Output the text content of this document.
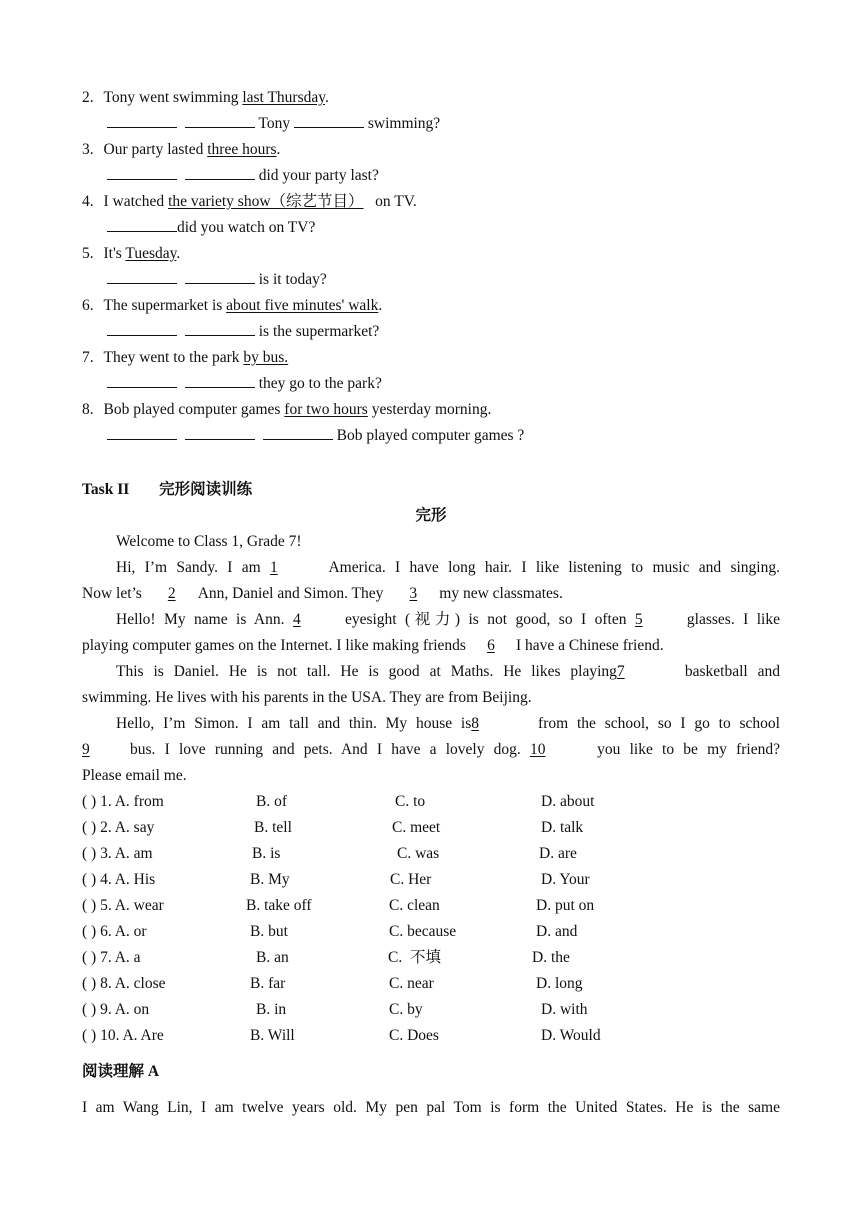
2. Tony went swimming last Thursday.
Tony	swimming?
3. Our party lasted three hours.
did your party last?
4. I watched the variety show（综艺节目）   on TV.
did you watch on TV?
5. It's Tuesday.
is it today?
6. The supermarket is about five minutes' walk.
is the supermarket?
7. They went to the park by bus.
they go to the park?
8. Bob played computer games for two hours yesterday morning.
Bob played computer games ?
Task II 完形阅读训练
完形
Welcome to Class 1, Grade 7!
Hi, I’m Sandy. I am 1	America. I have long hair. I like listening to music and singing.
Now let’s 2 Ann, Daniel and Simon. They 3 my new classmates.
Hello! My name is Ann. 4	eyesight (视力) is not good, so I often 5	glasses. I like
playing computer games on the Internet. I like making friends 6 I have a Chinese friend.
This is Daniel. He is not tall. He is good at Maths. He likes playing7	basketball and
swimming. He lives with his parents in the USA. They are from Beijing.
Hello, I’m Simon. I am tall and thin. My house is8	from the school, so I go to school
9	bus. I love running and pets. And I have a lovely dog. 10	you like to be my friend?
Please email me.
( ) 1. A. from	B. of	C. to	D. about
( ) 2. A. say	B. tell	C. meet	D. talk
( ) 3. A. am	B. is	C. was	D. are
( ) 4. A. His	B. My	C. Her	D. Your
( ) 5. A. wear	B. take off	C. clean	D. put on
( ) 6. A. or	B. but	C. because	D. and
( ) 7. A. a	B. an	C.  不填	D. the
( ) 8. A. close	B. far	C. near	D. long
( ) 9. A. on	B. in	C. by	D. with
( ) 10. A. Are	B. Will	C. Does	D. Would
阅读理解 A
I am Wang Lin, I am twelve years old. My pen pal Tom is form the United States. He is the same
